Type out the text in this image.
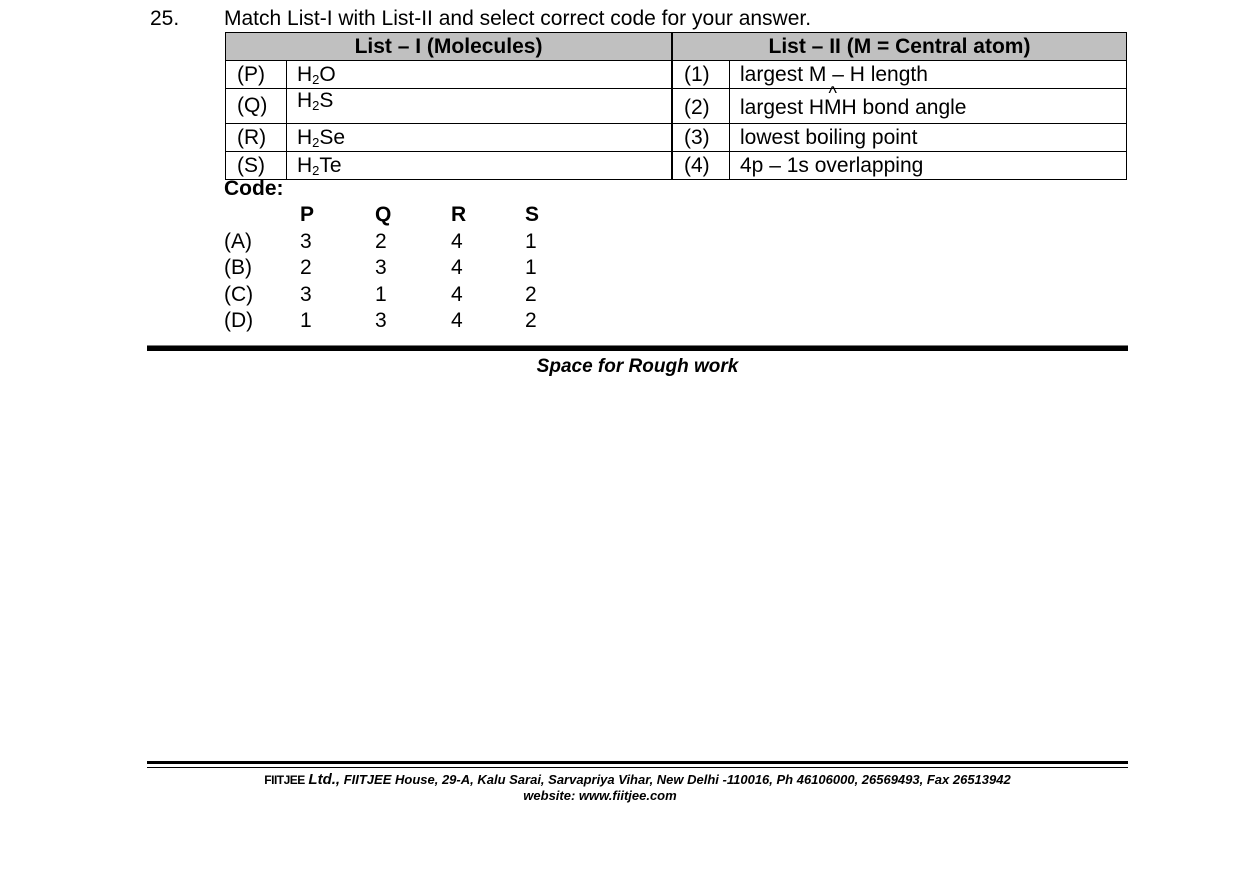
25. Match List-I with List-II and select correct code for your answer.
List – I (Molecules)		List – II (M = Central atom)	
(P)	$H_2O$		(1)	largest M – H length
(Q)	$H_2S$		(2)	largest HM ^H bond angle
(R)	$H_2Se$		(3)	lowest boiling point
(S)	$H_2Te$		(4)	4p – 1s overlapping
Code:
P	Q	R	S
(A) 3	2	4	1
(B) 2	3	4	1
(C) 3	1	4	2
(D) 1	3	4	2
Space for Rough work
FIITJEE Ltd., FIITJEE House, 29-A, Kalu Sarai, Sarvapriya Vihar, New Delhi -110016, Ph 46106000, 26569493, Fax 26513942
website: www.fiitjee.com
